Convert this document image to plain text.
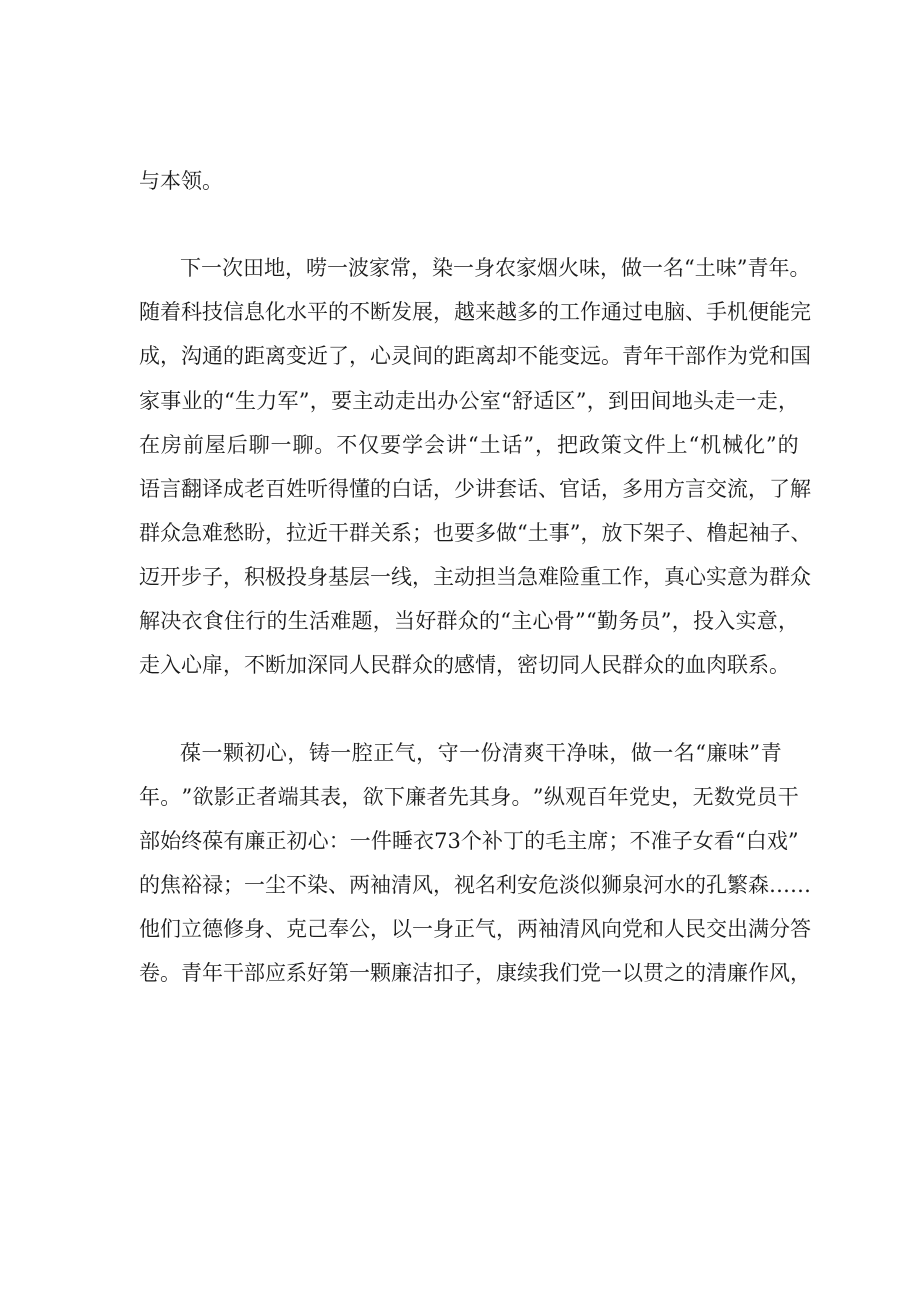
与本领。
下一次田地，唠一波家常，染一身农家烟火味，做一名“土味”青年。
随 着 科 技 信 息 化 水 平 的 不 断 发 展 ， 越 来 越 多 的 工 作 通 过 电 脑 、 手 机 便 能 完
成 ， 沟 通 的 距 离 变 近 了 ， 心 灵 间 的 距 离 却 不 能 变 远 。 青 年 干 部 作 为 党 和 国
家 事 业 的 “ 生 力 军 ” ， 要 主 动 走 出 办 公 室 “ 舒 适 区 ” ， 到 田 间 地 头 走 一 走 ，
在 房 前 屋 后 聊 一 聊 。 不 仅 要 学 会 讲 “ 土 话 ” ， 把 政 策 文 件 上 “ 机 械 化 ” 的
语 言 翻 译 成 老 百 姓 听 得 懂 的 白 话 ， 少 讲 套 话 、 官 话 ， 多 用 方 言 交 流 ， 了 解
群 众 急 难 愁 盼 ， 拉 近 干 群 关 系 ； 也 要 多 做 “ 土 事 ” ， 放 下 架 子 、 橹 起 袖 子 、
迈 开 步 子 ， 积 极 投 身 基 层 一 线 ， 主 动 担 当 急 难 险 重 工 作 ， 真 心 实 意 为 群 众
解 决 衣 食 住 行 的 生 活 难 题 ， 当 好 群 众 的 “ 主 心 骨 ” “ 勤 务 员 ” ， 投 入 实 意 ，
走入心扉，不断加深同人民群众的感情，密切同人民群众的血肉联系。
葆 一 颗 初 心 ， 铸 一 腔 正 气 ， 守 一 份 清 爽 干 净 味 ， 做 一 名 “ 廉 味 ” 青
年 。 ” 欲 影 正 者 端 其 表 ， 欲 下 廉 者 先 其 身 。 ” 纵 观 百 年 党 史 ， 无 数 党 员 干
部 始 终 葆 有 廉 正 初 心 ： 一 件 睡 衣 73 个 补 丁 的 毛 主 席 ； 不 准 子 女 看 “ 白 戏 ”
的 焦 裕 禄 ； 一 尘 不 染 、 两 袖 清 风 ， 视 名 利 安 危 淡 似 狮 泉 河 水 的 孔 繁 森 … …
他 们 立 德 修 身 、 克 己 奉 公 ， 以 一 身 正 气 ， 两 袖 清 风 向 党 和 人 民 交 出 满 分 答
卷 。 青 年 干 部 应 系 好 第 一 颗 廉 洁 扣 子 ， 康 续 我 们 党 一 以 贯 之 的 清 廉 作 风 ，
